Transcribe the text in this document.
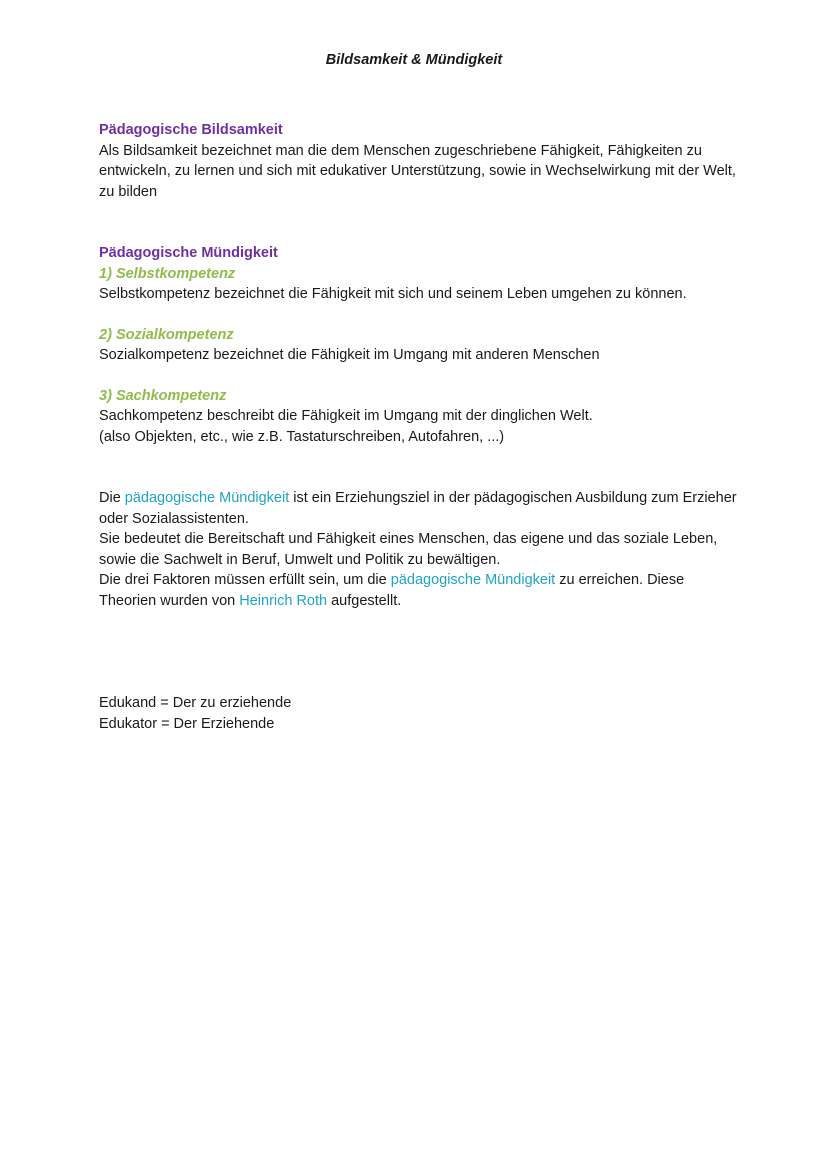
Bildsamkeit & Mündigkeit
Pädagogische Bildsamkeit

Als Bildsamkeit bezeichnet man die dem Menschen zugeschriebene Fähigkeit, Fähigkeiten zu entwickeln, zu lernen und sich mit edukativer Unterstützung, sowie in Wechselwirkung mit der Welt, zu bilden

Pädagogische Mündigkeit
1) Selbstkompetenz

Selbstkompetenz bezeichnet die Fähigkeit mit sich und seinem Leben umgehen zu können.

2) Sozialkompetenz

Sozialkompetenz bezeichnet die Fähigkeit im Umgang mit anderen Menschen

3) Sachkompetenz

Sachkompetenz beschreibt die Fähigkeit im Umgang mit der dinglichen Welt.

(also Objekten, etc., wie z.B. Tastaturschreiben, Autofahren, ...)

Die pädagogische Mündigkeit ist ein Erziehungsziel in der pädagogischen Ausbildung zum Erzieher oder Sozialassistenten.

Sie bedeutet die Bereitschaft und Fähigkeit eines Menschen, das eigene und das soziale Leben, sowie die Sachwelt in Beruf, Umwelt und Politik zu bewältigen.

Die drei Faktoren müssen erfüllt sein, um die pädagogische Mündigkeit zu erreichen. Diese Theorien wurden von Heinrich Roth aufgestellt.

Edukand = Der zu erziehende

Edukator = Der Erziehende
